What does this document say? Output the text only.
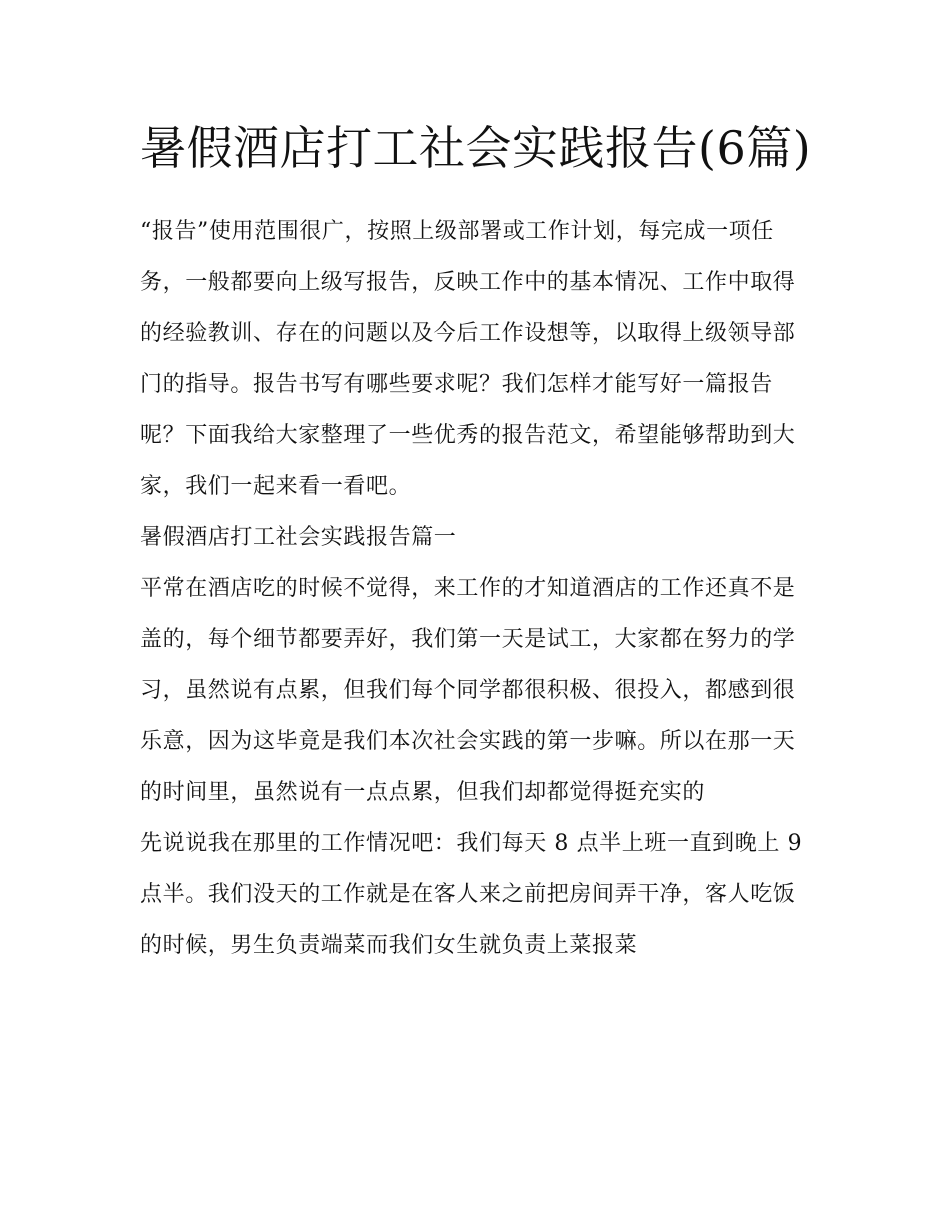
暑假酒店打工社会实践报告(6篇)

“报告”使用范围很广，按照上级部署或工作计划，每完成一项任务，一般都要向上级写报告，反映工作中的基本情况、工作中取得的经验教训、存在的问题以及今后工作设想等，以取得上级领导部门的指导。报告书写有哪些要求呢？我们怎样才能写好一篇报告呢？下面我给大家整理了一些优秀的报告范文，希望能够帮助到大家，我们一起来看一看吧。

暑假酒店打工社会实践报告篇一

平常在酒店吃的时候不觉得，来工作的才知道酒店的工作还真不是盖的，每个细节都要弄好，我们第一天是试工，大家都在努力的学习，虽然说有点累，但我们每个同学都很积极、很投入，都感到很乐意，因为这毕竟是我们本次社会实践的第一步嘛。所以在那一天的时间里，虽然说有一点点累，但我们却都觉得挺充实的

先说说我在那里的工作情况吧：我们每天 8 点半上班一直到晚上 9 点半。我们没天的工作就是在客人来之前把房间弄干净，客人吃饭的时候，男生负责端菜而我们女生就负责上菜报菜
